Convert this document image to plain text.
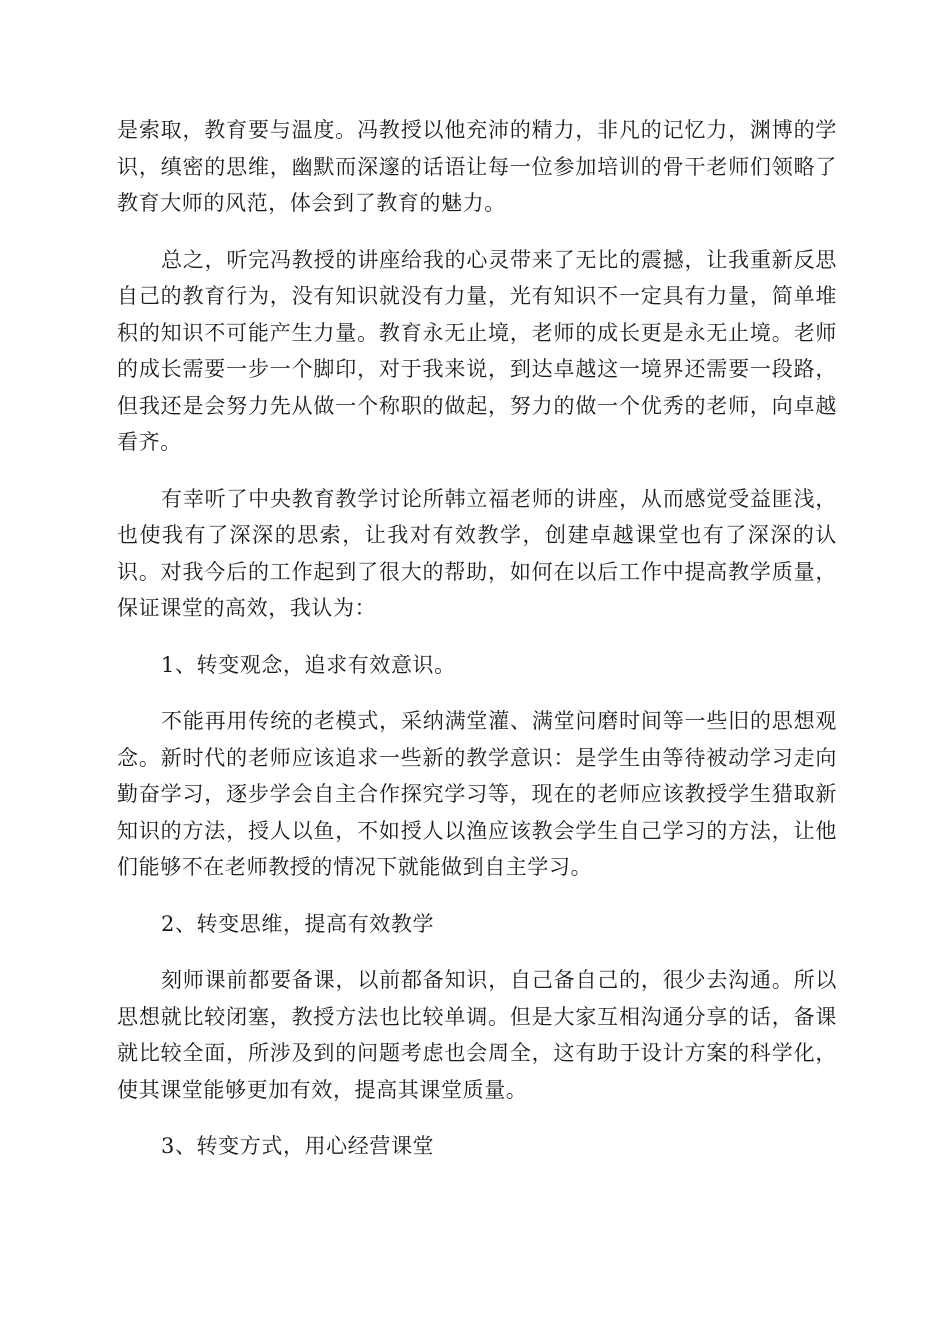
是索取，教育要与温度。冯教授以他充沛的精力，非凡的记忆力，渊博的学识，缜密的思维，幽默而深邃的话语让每一位参加培训的骨干老师们领略了教育大师的风范，体会到了教育的魅力。

总之，听完冯教授的讲座给我的心灵带来了无比的震撼，让我重新反思自己的教育行为，没有知识就没有力量，光有知识不一定具有力量，简单堆积的知识不可能产生力量。教育永无止境，老师的成长更是永无止境。老师的成长需要一步一个脚印，对于我来说，到达卓越这一境界还需要一段路，但我还是会努力先从做一个称职的做起，努力的做一个优秀的老师，向卓越看齐。

有幸听了中央教育教学讨论所韩立福老师的讲座，从而感觉受益匪浅，也使我有了深深的思索，让我对有效教学，创建卓越课堂也有了深深的认识。对我今后的工作起到了很大的帮助，如何在以后工作中提高教学质量，保证课堂的高效，我认为：

1、转变观念，追求有效意识。

不能再用传统的老模式，采纳满堂灌、满堂问磨时间等一些旧的思想观念。新时代的老师应该追求一些新的教学意识：是学生由等待被动学习走向勤奋学习，逐步学会自主合作探究学习等，现在的老师应该教授学生猎取新知识的方法，授人以鱼，不如授人以渔应该教会学生自己学习的方法，让他们能够不在老师教授的情况下就能做到自主学习。

2、转变思维，提高有效教学

刻师课前都要备课，以前都备知识，自己备自己的，很少去沟通。所以思想就比较闭塞，教授方法也比较单调。但是大家互相沟通分享的话，备课就比较全面，所涉及到的问题考虑也会周全，这有助于设计方案的科学化，使其课堂能够更加有效，提高其课堂质量。

3、转变方式，用心经营课堂
